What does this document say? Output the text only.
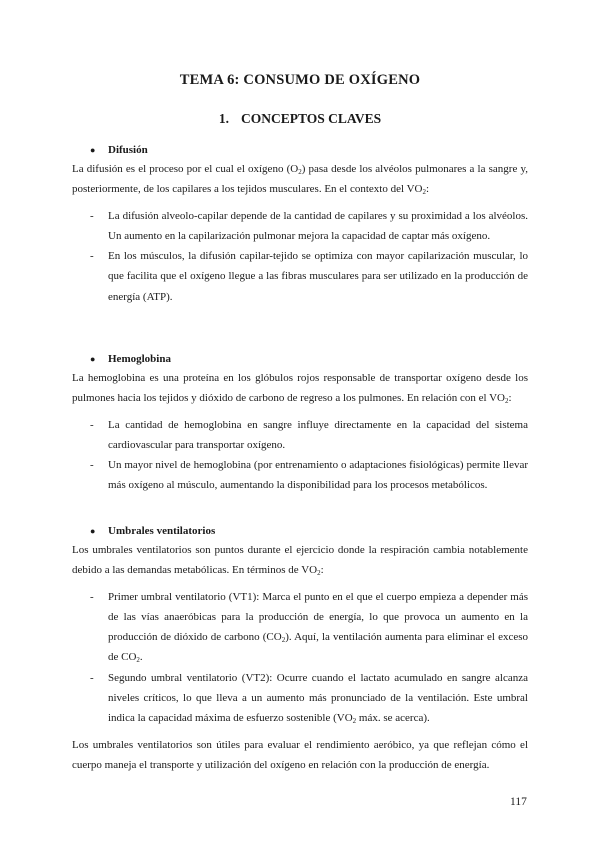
TEMA 6: CONSUMO DE OXÍGENO
1. CONCEPTOS CLAVES
● Difusión

La difusión es el proceso por el cual el oxígeno $(O_2)$ pasa desde los alvéolos pulmonares a la sangre y, posteriormente, de los capilares a los tejidos musculares. En el contexto del $VO_2$:

- La difusión alveolo-capilar depende de la cantidad de capilares y su proximidad a los alvéolos. Un aumento en la capilarización pulmonar mejora la capacidad de captar más oxígeno.
- En los músculos, la difusión capilar-tejido se optimiza con mayor capilarización muscular, lo que facilita que el oxígeno llegue a las fibras musculares para ser utilizado en la producción de energía (ATP).
● Hemoglobina

La hemoglobina es una proteína en los glóbulos rojos responsable de transportar oxígeno desde los pulmones hacia los tejidos y dióxido de carbono de regreso a los pulmones. En relación con el $VO_2$:

- La cantidad de hemoglobina en sangre influye directamente en la capacidad del sistema cardiovascular para transportar oxígeno.
- Un mayor nivel de hemoglobina (por entrenamiento o adaptaciones fisiológicas) permite llevar más oxígeno al músculo, aumentando la disponibilidad para los procesos metabólicos.
● Umbrales ventilatorios

Los umbrales ventilatorios son puntos durante el ejercicio donde la respiración cambia notablemente debido a las demandas metabólicas. En términos de $VO_2$:

- Primer umbral ventilatorio (VT1): Marca el punto en el que el cuerpo empieza a depender más de las vías anaeróbicas para la producción de energía, lo que provoca un aumento en la producción de dióxido de carbono $(CO_2)$. Aquí, la ventilación aumenta para eliminar el exceso de $CO_2$.
- Segundo umbral ventilatorio (VT2): Ocurre cuando el lactato acumulado en sangre alcanza niveles críticos, lo que lleva a un aumento más pronunciado de la ventilación. Este umbral indica la capacidad máxima de esfuerzo sostenible ($VO_2$ máx. se acerca).

Los umbrales ventilatorios son útiles para evaluar el rendimiento aeróbico, ya que reflejan cómo el cuerpo maneja el transporte y utilización del oxígeno en relación con la producción de energía.

117
